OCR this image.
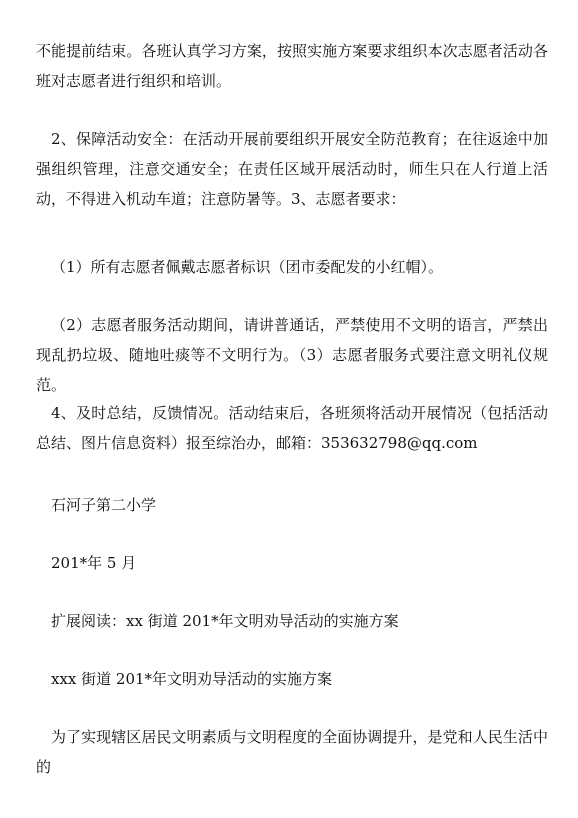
不能提前结束。各班认真学习方案，按照实施方案要求组织本次志愿者活动各班对志愿者进行组织和培训。

2、保障活动安全：在活动开展前要组织开展安全防范教育；在往返途中加强组织管理，注意交通安全；在责任区域开展活动时，师生只在人行道上活动，不得进入机动车道；注意防暑等。3、志愿者要求：

（1）所有志愿者佩戴志愿者标识（团市委配发的小红帽）。

（2）志愿者服务活动期间，请讲普通话，严禁使用不文明的语言，严禁出现乱扔垃圾、随地吐痰等不文明行为。（3）志愿者服务式要注意文明礼仪规范。

4、及时总结，反馈情况。活动结束后，各班须将活动开展情况（包括活动总结、图片信息资料）报至综治办，邮箱：353632798@qq.com

石河子第二小学

201*年 5 月

扩展阅读：xx 街道 201*年文明劝导活动的实施方案

xxx 街道 201*年文明劝导活动的实施方案

为了实现辖区居民文明素质与文明程度的全面协调提升，是党和人民生活中的
